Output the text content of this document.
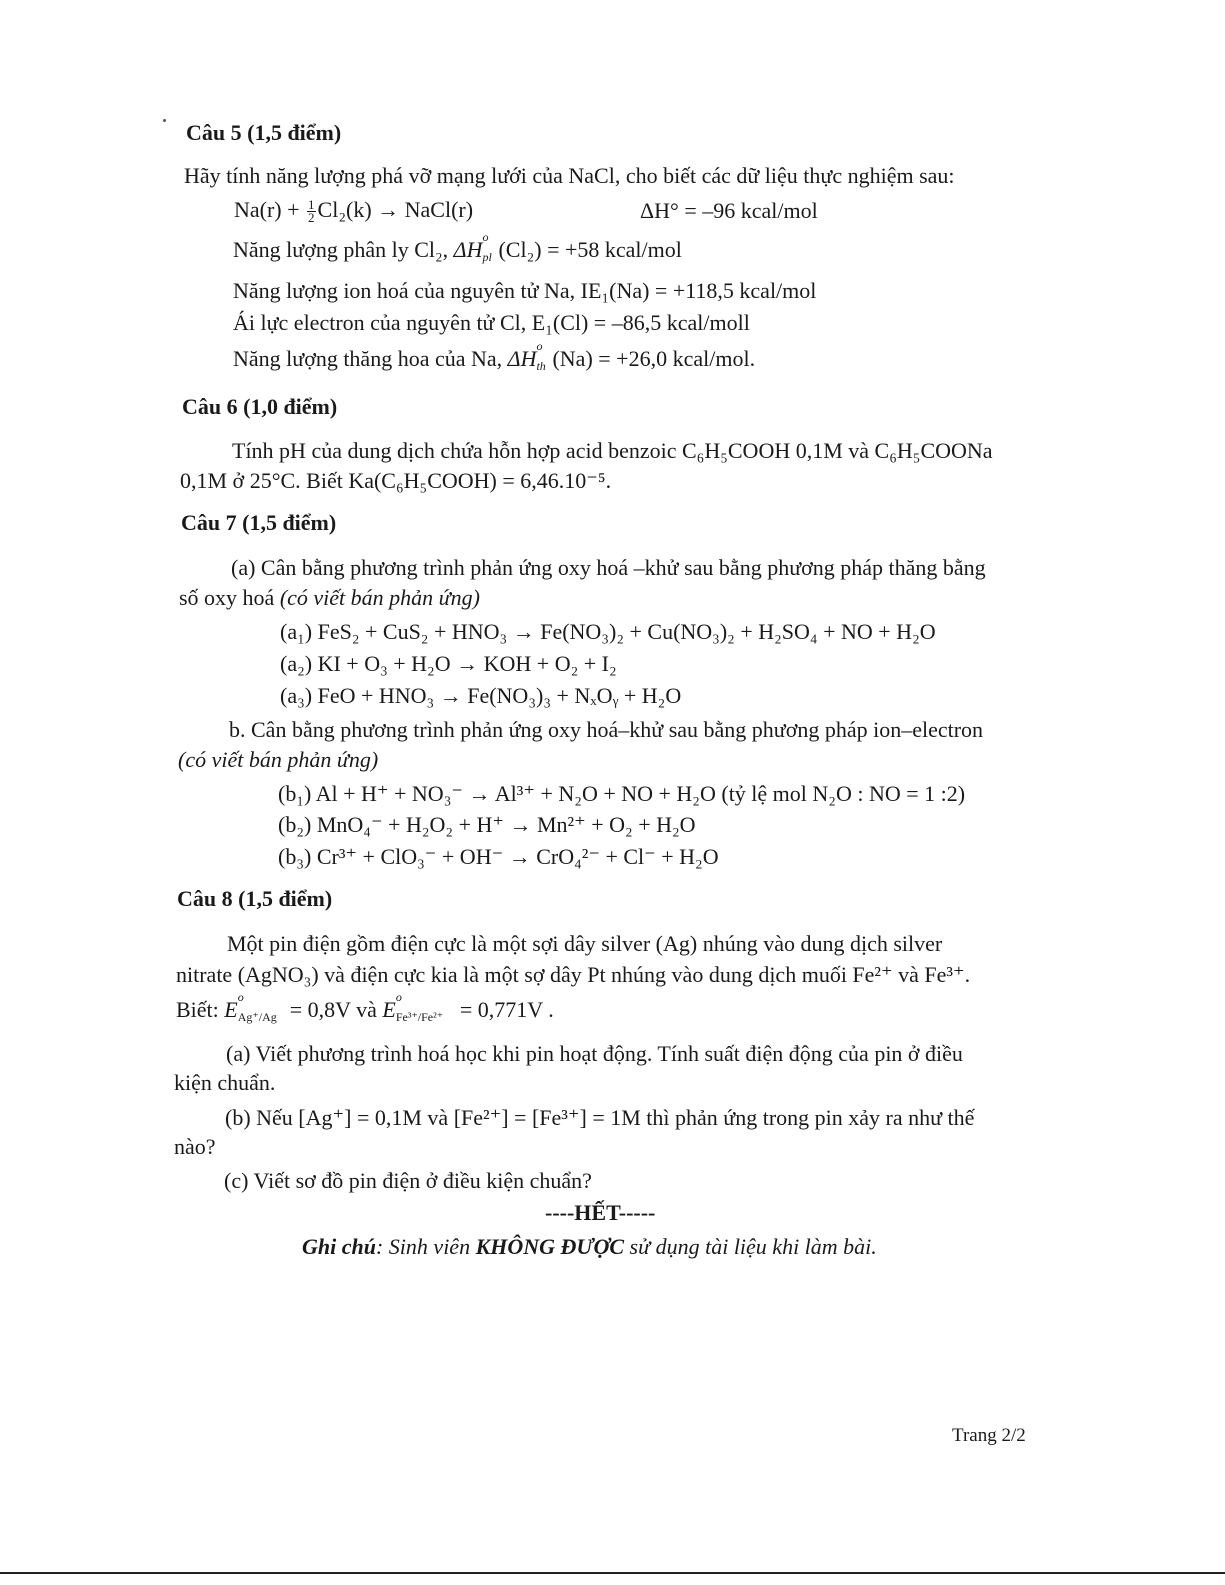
Câu 5 (1,5 điểm)
Hãy tính năng lượng phá vỡ mạng lưới của NaCl, cho biết các dữ liệu thực nghiệm sau:
$Na(r) + \frac{1}{2} Cl_2(k)$ → NaCl(r)	ΔH° = –96 kcal/mol
Năng lượng phân ly Cl₂, ΔH o
pl (Cl₂) = +58 kcal/mol
Năng lượng ion hoá của nguyên tử Na, IE₁(Na) = +118,5 kcal/mol
Ái lực electron của nguyên tử Cl, E₁(Cl) = –86,5 kcal/moll
Năng lượng thăng hoa của Na, ΔH o
th (Na) = +26,0 kcal/mol.
Câu 6 (1,0 điểm)
Tính pH của dung dịch chứa hỗn hợp acid benzoic C₆H₅COOH 0,1M và C₆H₅COONa
0,1M ở 25°C. Biết Ka(C₆H₅COOH) = 6,46.10⁻⁵.
Câu 7 (1,5 điểm)
(a) Cân bằng phương trình phản ứng oxy hoá –khử sau bằng phương pháp thăng bằng
số oxy hoá (có viết bán phản ứng)
(a₁) FeS₂ + CuS₂ + HNO₃ → Fe(NO₃)₂ + Cu(NO₃)₂ + H₂SO₄ + NO + H₂O
(a₂) KI + O₃ + H₂O → KOH + O₂ + I₂
(a₃) FeO + HNO₃ → Fe(NO₃)₃ + NₓOᵧ + H₂O
b. Cân bằng phương trình phản ứng oxy hoá–khử sau bằng phương pháp ion–electron
(có viết bán phản ứng)
(b₁) Al + H⁺ + NO₃⁻ → Al³⁺ + N₂O + NO + H₂O (tỷ lệ mol N₂O : NO = 1 :2)
(b₂) MnO₄⁻ + H₂O₂ + H⁺ → Mn²⁺ + O₂ + H₂O
(b₃) Cr³⁺ + ClO₃⁻ + OH⁻ → CrO₄²⁻ + Cl⁻ + H₂O
Câu 8 (1,5 điểm)
Một pin điện gồm điện cực là một sợi dây silver (Ag) nhúng vào dung dịch silver
nitrate (AgNO₃) và điện cực kia là một sợ dây Pt nhúng vào dung dịch muối Fe²⁺ và Fe³⁺.
Biết: E o
Ag⁺/Ag = 0,8V và E o
Fe³⁺/Fe²⁺ = 0,771V .
(a) Viết phương trình hoá học khi pin hoạt động. Tính suất điện động của pin ở điều
kiện chuẩn.
(b) Nếu [Ag⁺] = 0,1M và [Fe²⁺] = [Fe³⁺] = 1M thì phản ứng trong pin xảy ra như thế
nào?
(c) Viết sơ đồ pin điện ở điều kiện chuẩn?
----HẾT-----
Ghi chú: Sinh viên KHÔNG ĐƯỢC sử dụng tài liệu khi làm bài.
Trang 2/2
